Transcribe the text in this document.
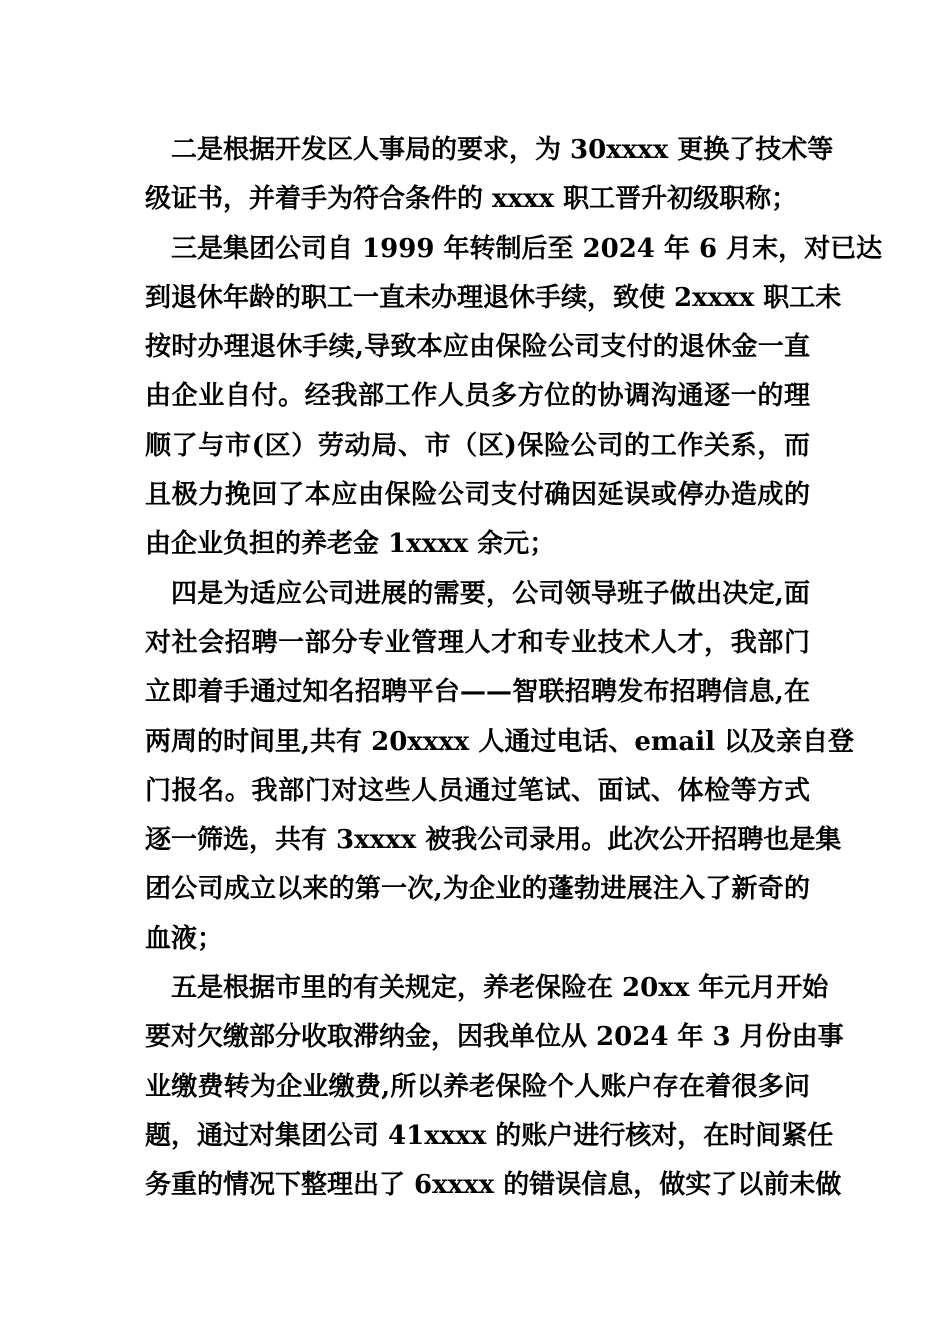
二是根据开发区人事局的要求，为 30xxxx 更换了技术等
级证书，并着手为符合条件的 xxxx 职工晋升初级职称；
三是集团公司自 1999 年转制后至 2024 年 6 月末，对已达
到退休年龄的职工一直未办理退休手续，致使 2xxxx 职工未
按时办理退休手续,导致本应由保险公司支付的退休金一直
由企业自付。经我部工作人员多方位的协调沟通逐一的理
顺了与市(区）劳动局、市（区)保险公司的工作关系，而
且极力挽回了本应由保险公司支付确因延误或停办造成的
由企业负担的养老金 1xxxx 余元；
四是为适应公司进展的需要，公司领导班子做出决定,面
对社会招聘一部分专业管理人才和专业技术人才，我部门
立即着手通过知名招聘平台——智联招聘发布招聘信息,在
两周的时间里,共有 20xxxx 人通过电话、email 以及亲自登
门报名。我部门对这些人员通过笔试、面试、体检等方式
逐一筛选，共有 3xxxx 被我公司录用。此次公开招聘也是集
团公司成立以来的第一次,为企业的蓬勃进展注入了新奇的
血液；
五是根据市里的有关规定，养老保险在 20xx 年元月开始
要对欠缴部分收取滞纳金，因我单位从 2024 年 3 月份由事
业缴费转为企业缴费,所以养老保险个人账户存在着很多问
题，通过对集团公司 41xxxx 的账户进行核对，在时间紧任
务重的情况下整理出了 6xxxx 的错误信息，做实了以前未做
